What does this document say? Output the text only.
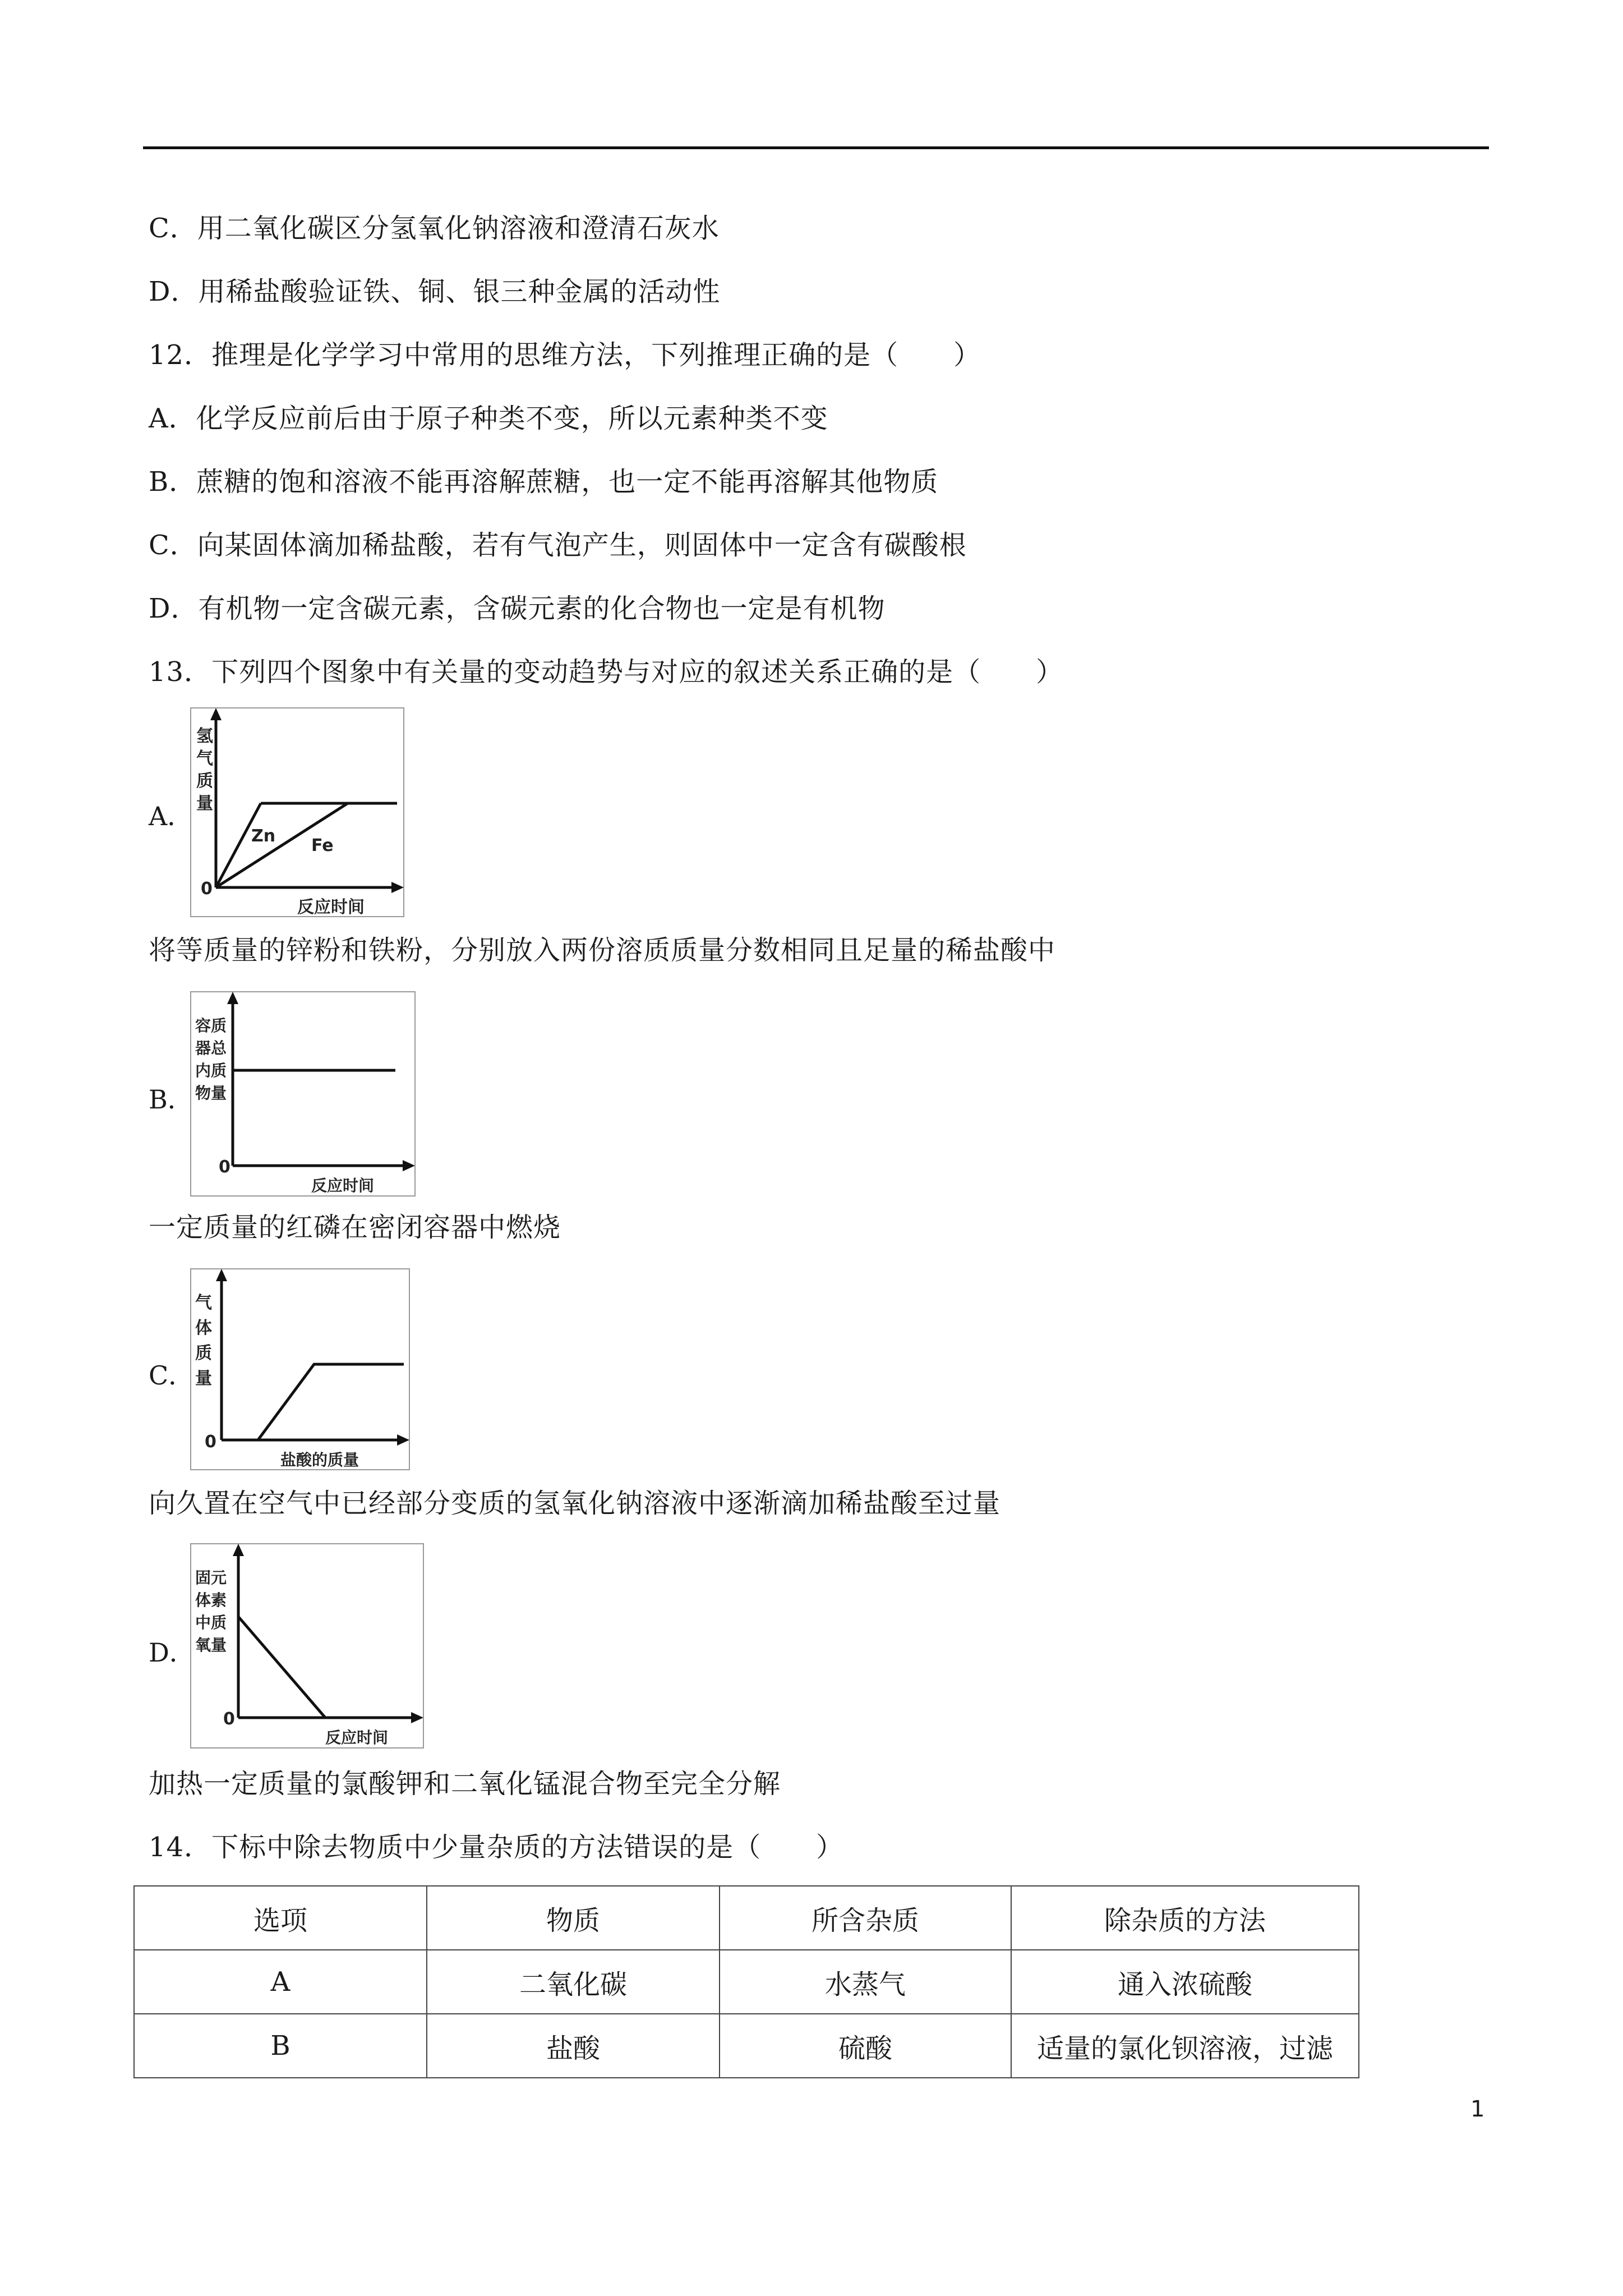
C．用二氧化碳区分氢氧化钠溶液和澄清石灰水
D．用稀盐酸验证铁、铜、银三种金属的活动性
12．推理是化学学习中常用的思维方法，下列推理正确的是（　　）
A．化学反应前后由于原子种类不变，所以元素种类不变
B．蔗糖的饱和溶液不能再溶解蔗糖，也一定不能再溶解其他物质
C．向某固体滴加稀盐酸，若有气泡产生，则固体中一定含有碳酸根
D．有机物一定含碳元素，含碳元素的化合物也一定是有机物
13．下列四个图象中有关量的变动趋势与对应的叙述关系正确的是（　　）
A．
氢
气
质
量
Zn Fe
0
反应时间
将等质量的锌粉和铁粉，分别放入两份溶质质量分数相同且足量的稀盐酸中
B．
容质
器总
内质
物量
0
反应时间
一定质量的红磷在密闭容器中燃烧
C．
气
体
质
量
0
盐酸的质量
向久置在空气中已经部分变质的氢氧化钠溶液中逐渐滴加稀盐酸至过量
D．
固元
体素
中质
氧量
0
反应时间
加热一定质量的氯酸钾和二氧化锰混合物至完全分解
14．下标中除去物质中少量杂质的方法错误的是（　　）
选项	物质	所含杂质	除杂质的方法
A	二氧化碳	水蒸气	通入浓硫酸
B	盐酸	硫酸	适量的氯化钡溶液，过滤
1
